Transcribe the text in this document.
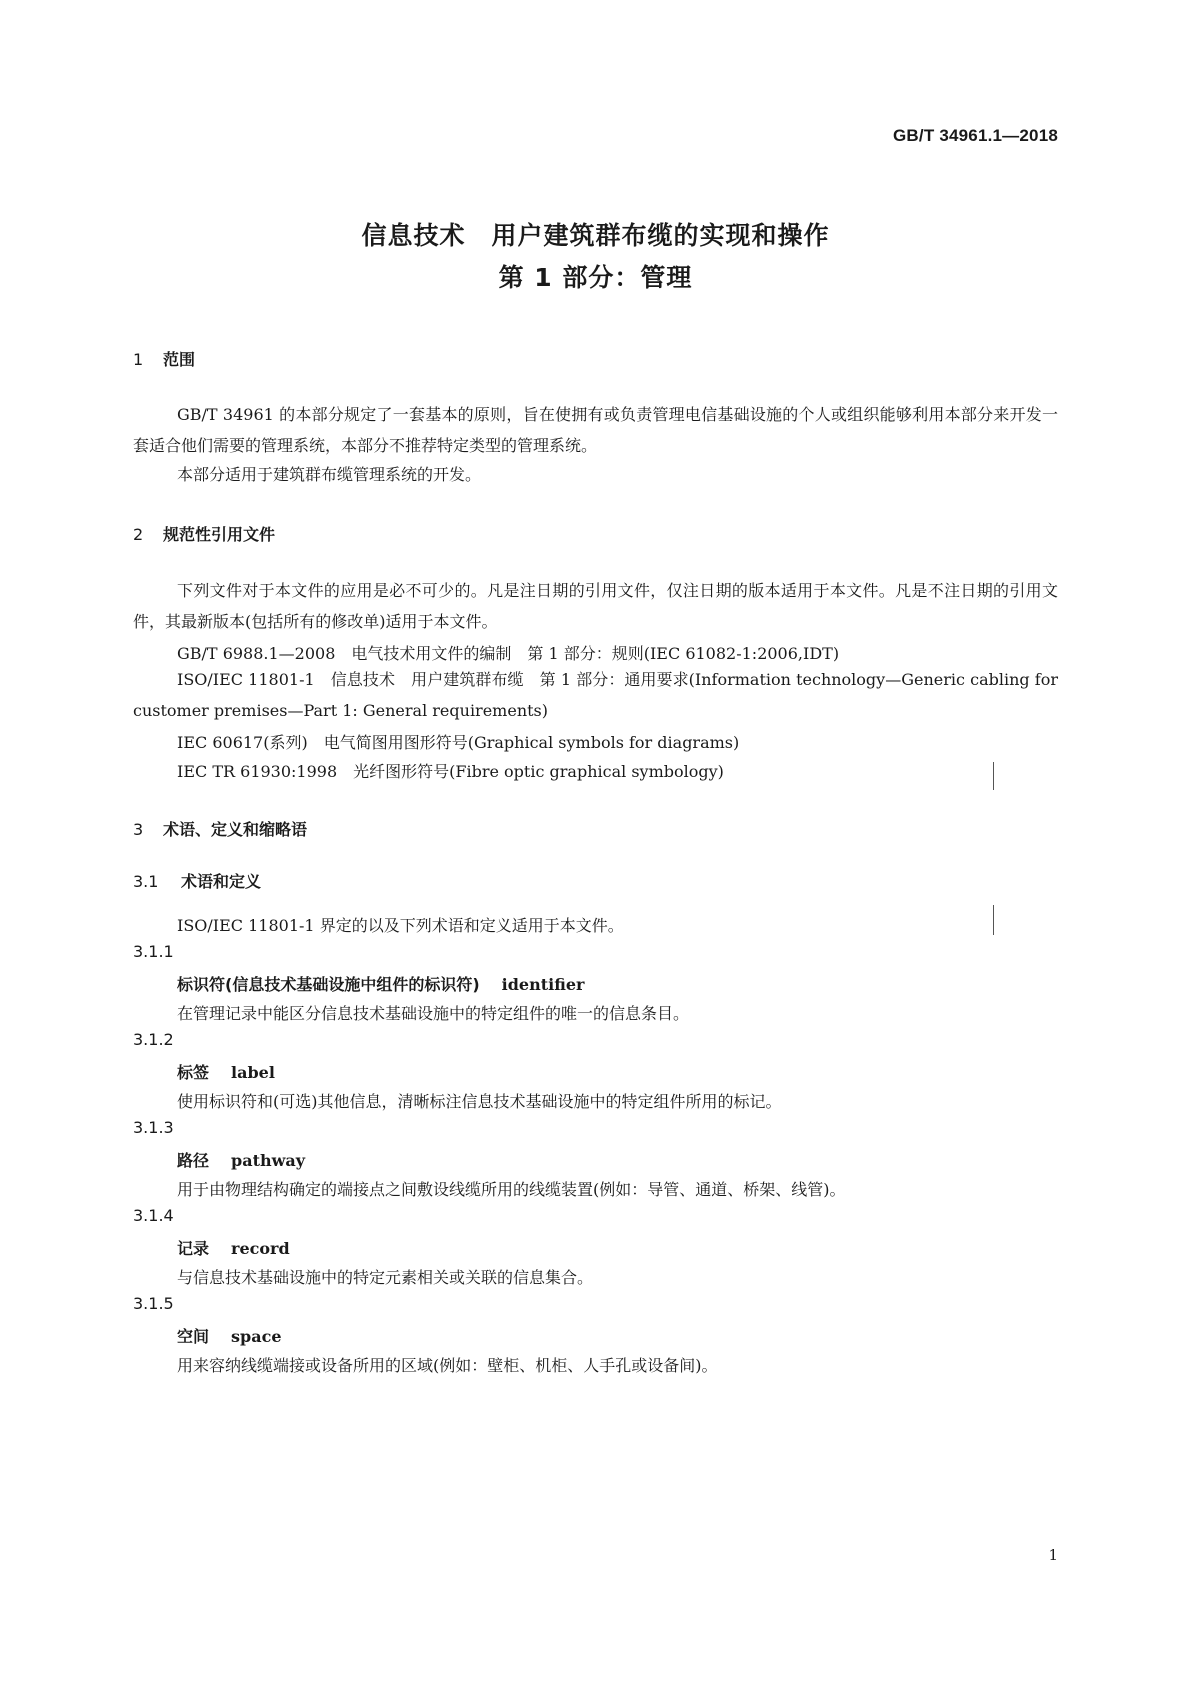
GB/T 34961.1—2018
信息技术　用户建筑群布缆的实现和操作
第 1 部分：管理
1 范围
GB/T 34961 的本部分规定了一套基本的原则，旨在使拥有或负责管理电信基础设施的个人或组织能够利用本部分来开发一套适合他们需要的管理系统，本部分不推荐特定类型的管理系统。
本部分适用于建筑群布缆管理系统的开发。
2 规范性引用文件
下列文件对于本文件的应用是必不可少的。凡是注日期的引用文件，仅注日期的版本适用于本文件。凡是不注日期的引用文件，其最新版本(包括所有的修改单)适用于本文件。
GB/T 6988.1—2008　电气技术用文件的编制　第 1 部分：规则(IEC 61082-1:2006,IDT)
ISO/IEC 11801-1　信息技术　用户建筑群布缆　第 1 部分：通用要求(Information technology—Generic cabling for customer premises—Part 1: General requirements)
IEC 60617(系列)　电气简图用图形符号(Graphical symbols for diagrams)
IEC TR 61930:1998　光纤图形符号(Fibre optic graphical symbology)
3 术语、定义和缩略语
3.1 术语和定义
ISO/IEC 11801-1 界定的以及下列术语和定义适用于本文件。
3.1.1
标识符(信息技术基础设施中组件的标识符) identifier
在管理记录中能区分信息技术基础设施中的特定组件的唯一的信息条目。
3.1.2
标签 label
使用标识符和(可选)其他信息，清晰标注信息技术基础设施中的特定组件所用的标记。
3.1.3
路径 pathway
用于由物理结构确定的端接点之间敷设线缆所用的线缆装置(例如：导管、通道、桥架、线管)。
3.1.4
记录 record
与信息技术基础设施中的特定元素相关或关联的信息集合。
3.1.5
空间 space
用来容纳线缆端接或设备所用的区域(例如：壁柜、机柜、人手孔或设备间)。
1
